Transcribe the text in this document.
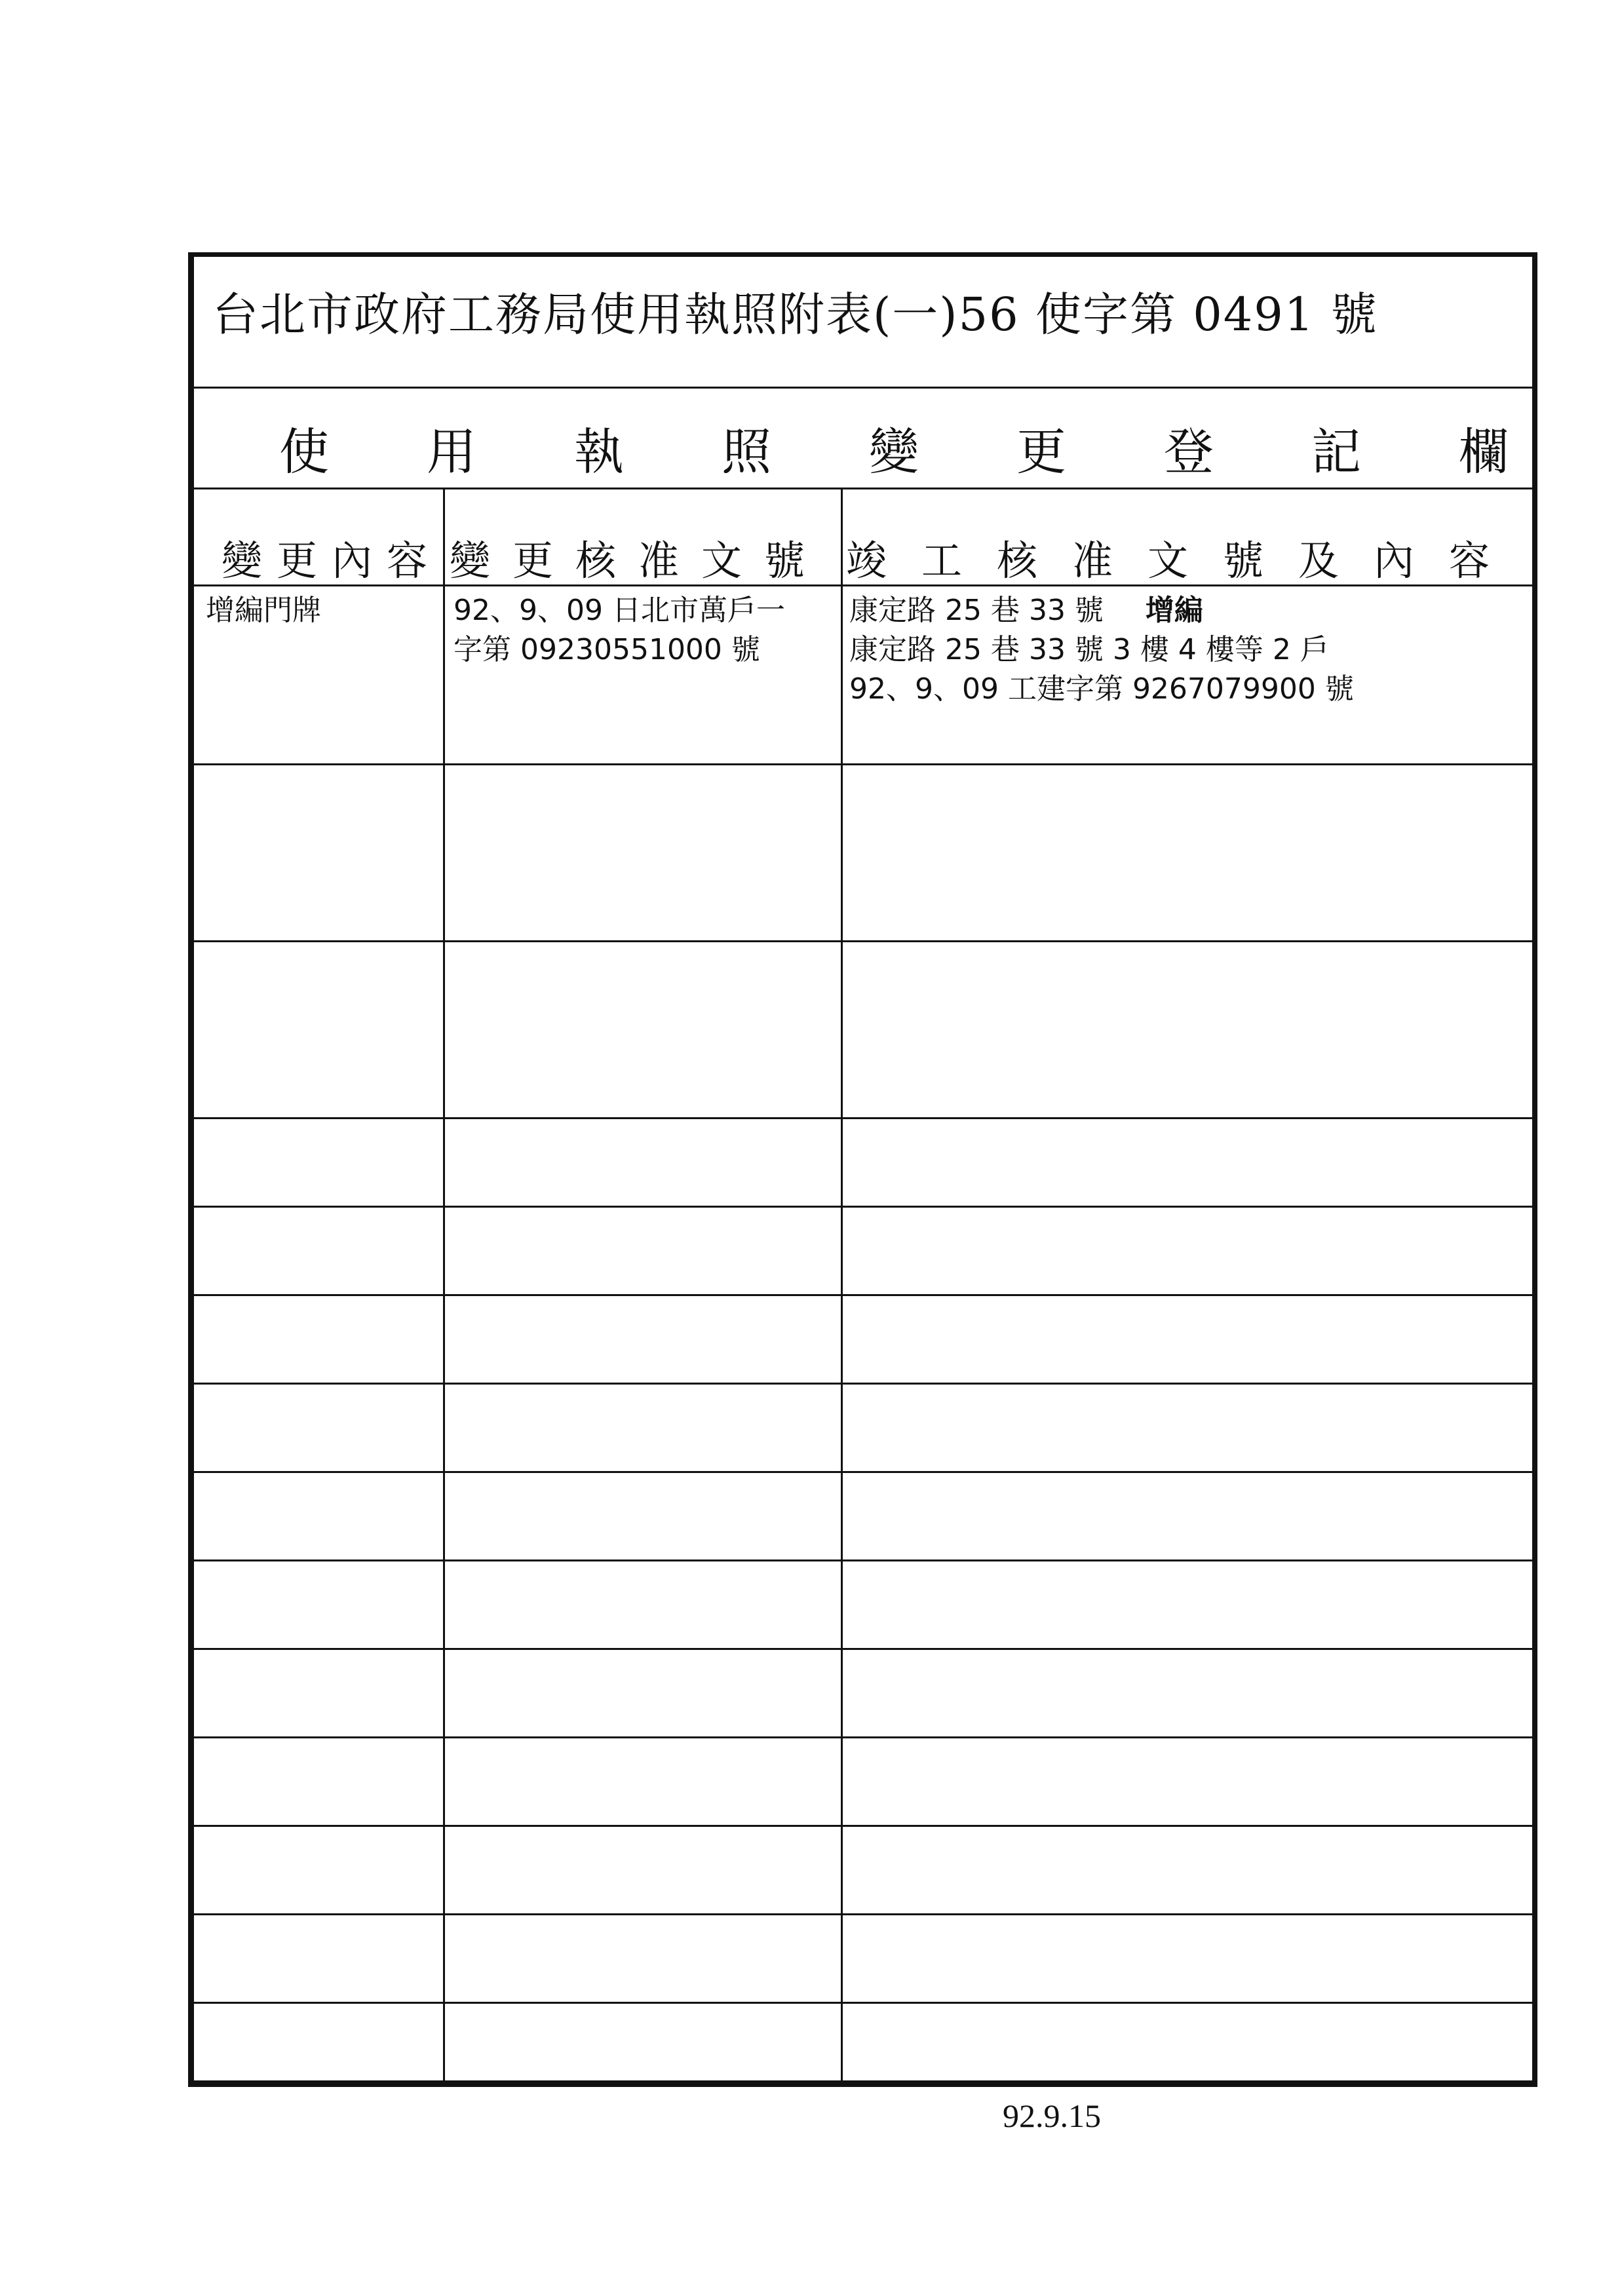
台北市政府工務局使用執照附表(一)56 使字第 0491 號
使 用 執 照 變 更 登 記 欄
變 更 內 容 變 更 核 准 文 號 竣 工 核 准 文 號 及 內 容
增編門牌	92、9、09 日北市萬戶一
字第 09230551000 號
康定路 25 巷 33 號 增編
康定路 25 巷 33 號 3 樓 4 樓等 2 戶
92、9、09 工建字第 9267079900 號
92.9.15
